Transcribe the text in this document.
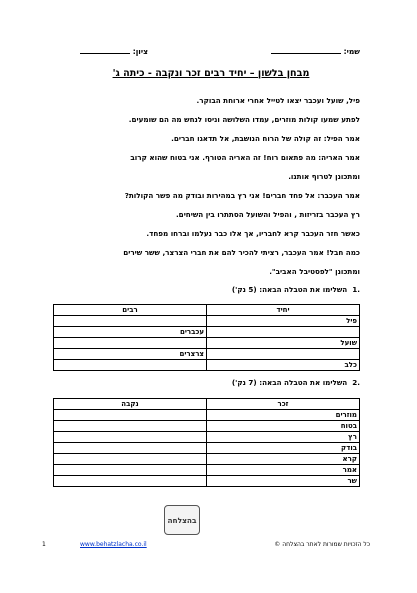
שמי:
ציון:
מבחן בלשון – יחיד רבים זכר ונקבה - כיתה ג'
פיל, שועל ועכבר יצאו לטייל אחרי ארוחת הבוקר.
לפתע שמעו קולות מוזרים, עמדו השלושה וניסו לנחש מה הם שומעים.
אמר הפיל: זה קולה של הרוח הנושבת, אל תדאגו חברים.
אמר האריה: מה פתאום רוח! זה האריה הטורף. אני בטוח שהוא קרוב
ומתכונן לטרוף אותנו.
אמר העכבר: אל פחד חברים! אני רץ במהירות ובודק מה פשר הקולות?
רץ העכבר בזריזות , והפיל והשועל הסתתרו בין השיחים.
כאשר חזר העכבר קרא לחבריו, אך אלו כבר נעלמו וברחו מפחד.
כמה חבל! אמר העכבר, רציתי להכיר להם את חברי הצרצר, ששר שירים
ומתכונן "לפסטיבל האביב".
.1  השלימו את הטבלה הבאה: (5 נק')
יחיד	רבים
פיל	
	עכברים
שועל	
	צרצרים
כלב	
.2  השלימו את הטבלה הבאה: (7 נק')
זכר	נקבה
מוזרים	
בטוח	
רץ	
בודק	
קרא	
אמר	
שר	
בהצלחה
כל הזכויות שמורות לאתר בהצלחה ©
www.behatzlacha.co.il
1
